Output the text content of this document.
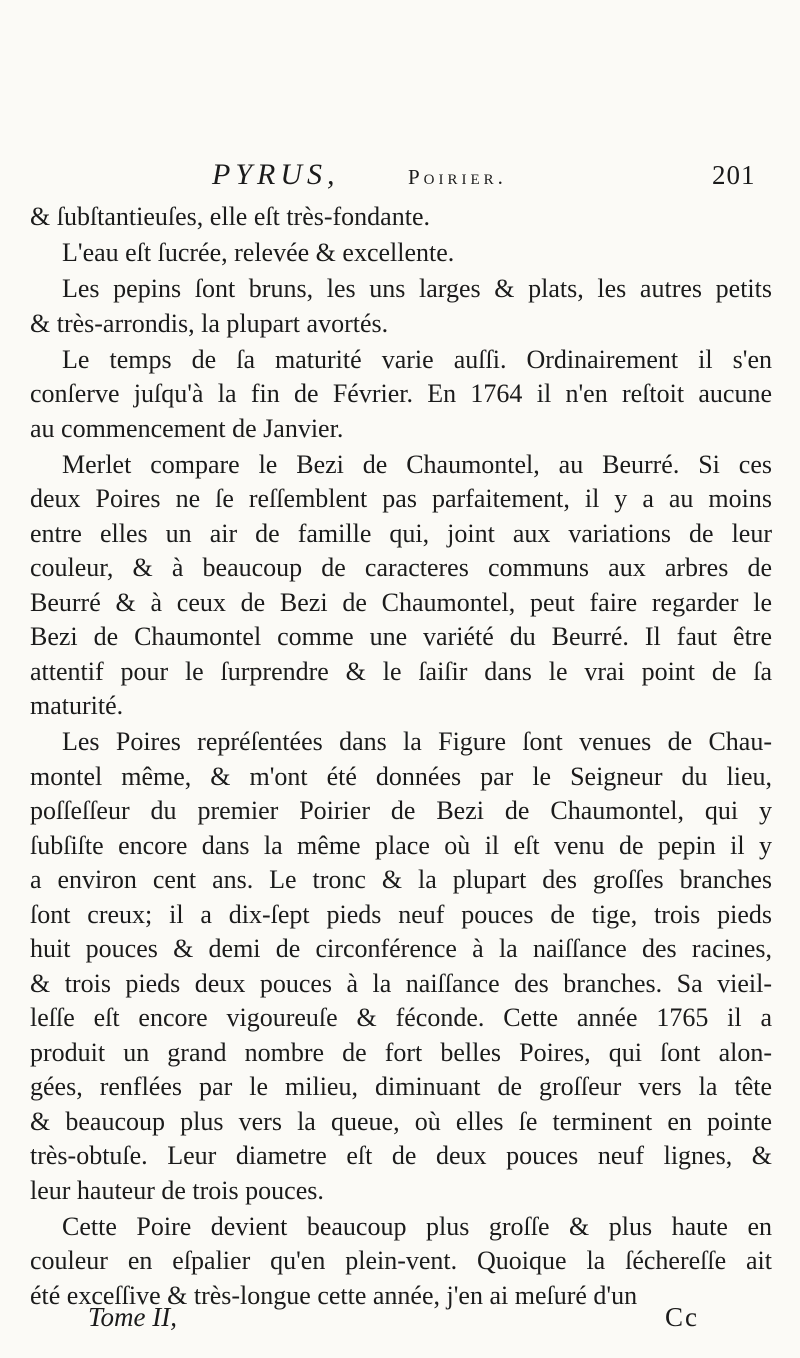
PYRUS,	Poirier.	201
& ſubſtantieuſes, elle eſt très-fondante.
L'eau eſt ſucrée, relevée & excellente.
Les pepins ſont bruns, les uns larges & plats, les autres petits
& très-arrondis, la plupart avortés.
Le temps de ſa maturité varie auſſi. Ordinairement il s'en
conſerve juſqu'à la fin de Février. En 1764 il n'en reſtoit aucune
au commencement de Janvier.
Merlet compare le Bezi de Chaumontel, au Beurré. Si ces
deux Poires ne ſe reſſemblent pas parfaitement, il y a au moins
entre elles un air de famille qui, joint aux variations de leur
couleur, & à beaucoup de caracteres communs aux arbres de
Beurré & à ceux de Bezi de Chaumontel, peut faire regarder le
Bezi de Chaumontel comme une variété du Beurré. Il faut être
attentif pour le ſurprendre & le ſaiſir dans le vrai point de ſa
maturité.
Les Poires repréſentées dans la Figure ſont venues de Chau-
montel même, & m'ont été données par le Seigneur du lieu,
poſſeſſeur du premier Poirier de Bezi de Chaumontel, qui y
ſubſiſte encore dans la même place où il eſt venu de pepin il y
a environ cent ans. Le tronc & la plupart des groſſes branches
ſont creux; il a dix-ſept pieds neuf pouces de tige, trois pieds
huit pouces & demi de circonférence à la naiſſance des racines,
& trois pieds deux pouces à la naiſſance des branches. Sa vieil-
leſſe eſt encore vigoureuſe & féconde. Cette année 1765 il a
produit un grand nombre de fort belles Poires, qui ſont alon-
gées, renflées par le milieu, diminuant de groſſeur vers la tête
& beaucoup plus vers la queue, où elles ſe terminent en pointe
très-obtuſe. Leur diametre eſt de deux pouces neuf lignes, &
leur hauteur de trois pouces.
Cette Poire devient beaucoup plus groſſe & plus haute en
couleur en eſpalier qu'en plein-vent. Quoique la ſéchereſſe ait
été exceſſive & très-longue cette année, j'en ai meſuré d'un
Tome II,	Cc
